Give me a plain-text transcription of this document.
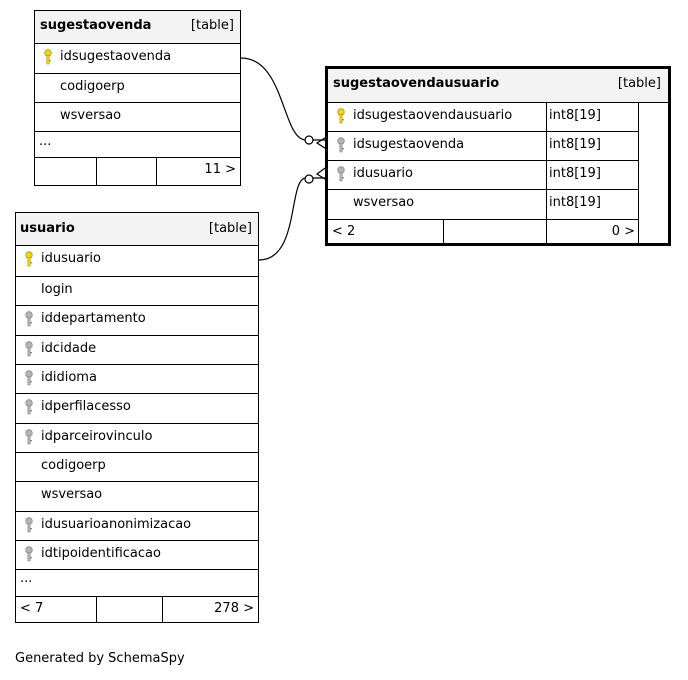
sugestaovenda	[table]
idsugestaovenda
codigoerp
wsversao
...
11 >
usuario	[table]
idusuario
login
iddepartamento
idcidade
ididioma
idperfilacesso
idparceirovinculo
codigoerp
wsversao
idusuarioanonimizacao
idtipoidentificacao
...
< 7	278 >
sugestaovendausuario	[table]
idsugestaovendausuario	int8[19]
idsugestaovenda	int8[19]
idusuario	int8[19]
wsversao	int8[19]
< 2	0 >
Generated by SchemaSpy
